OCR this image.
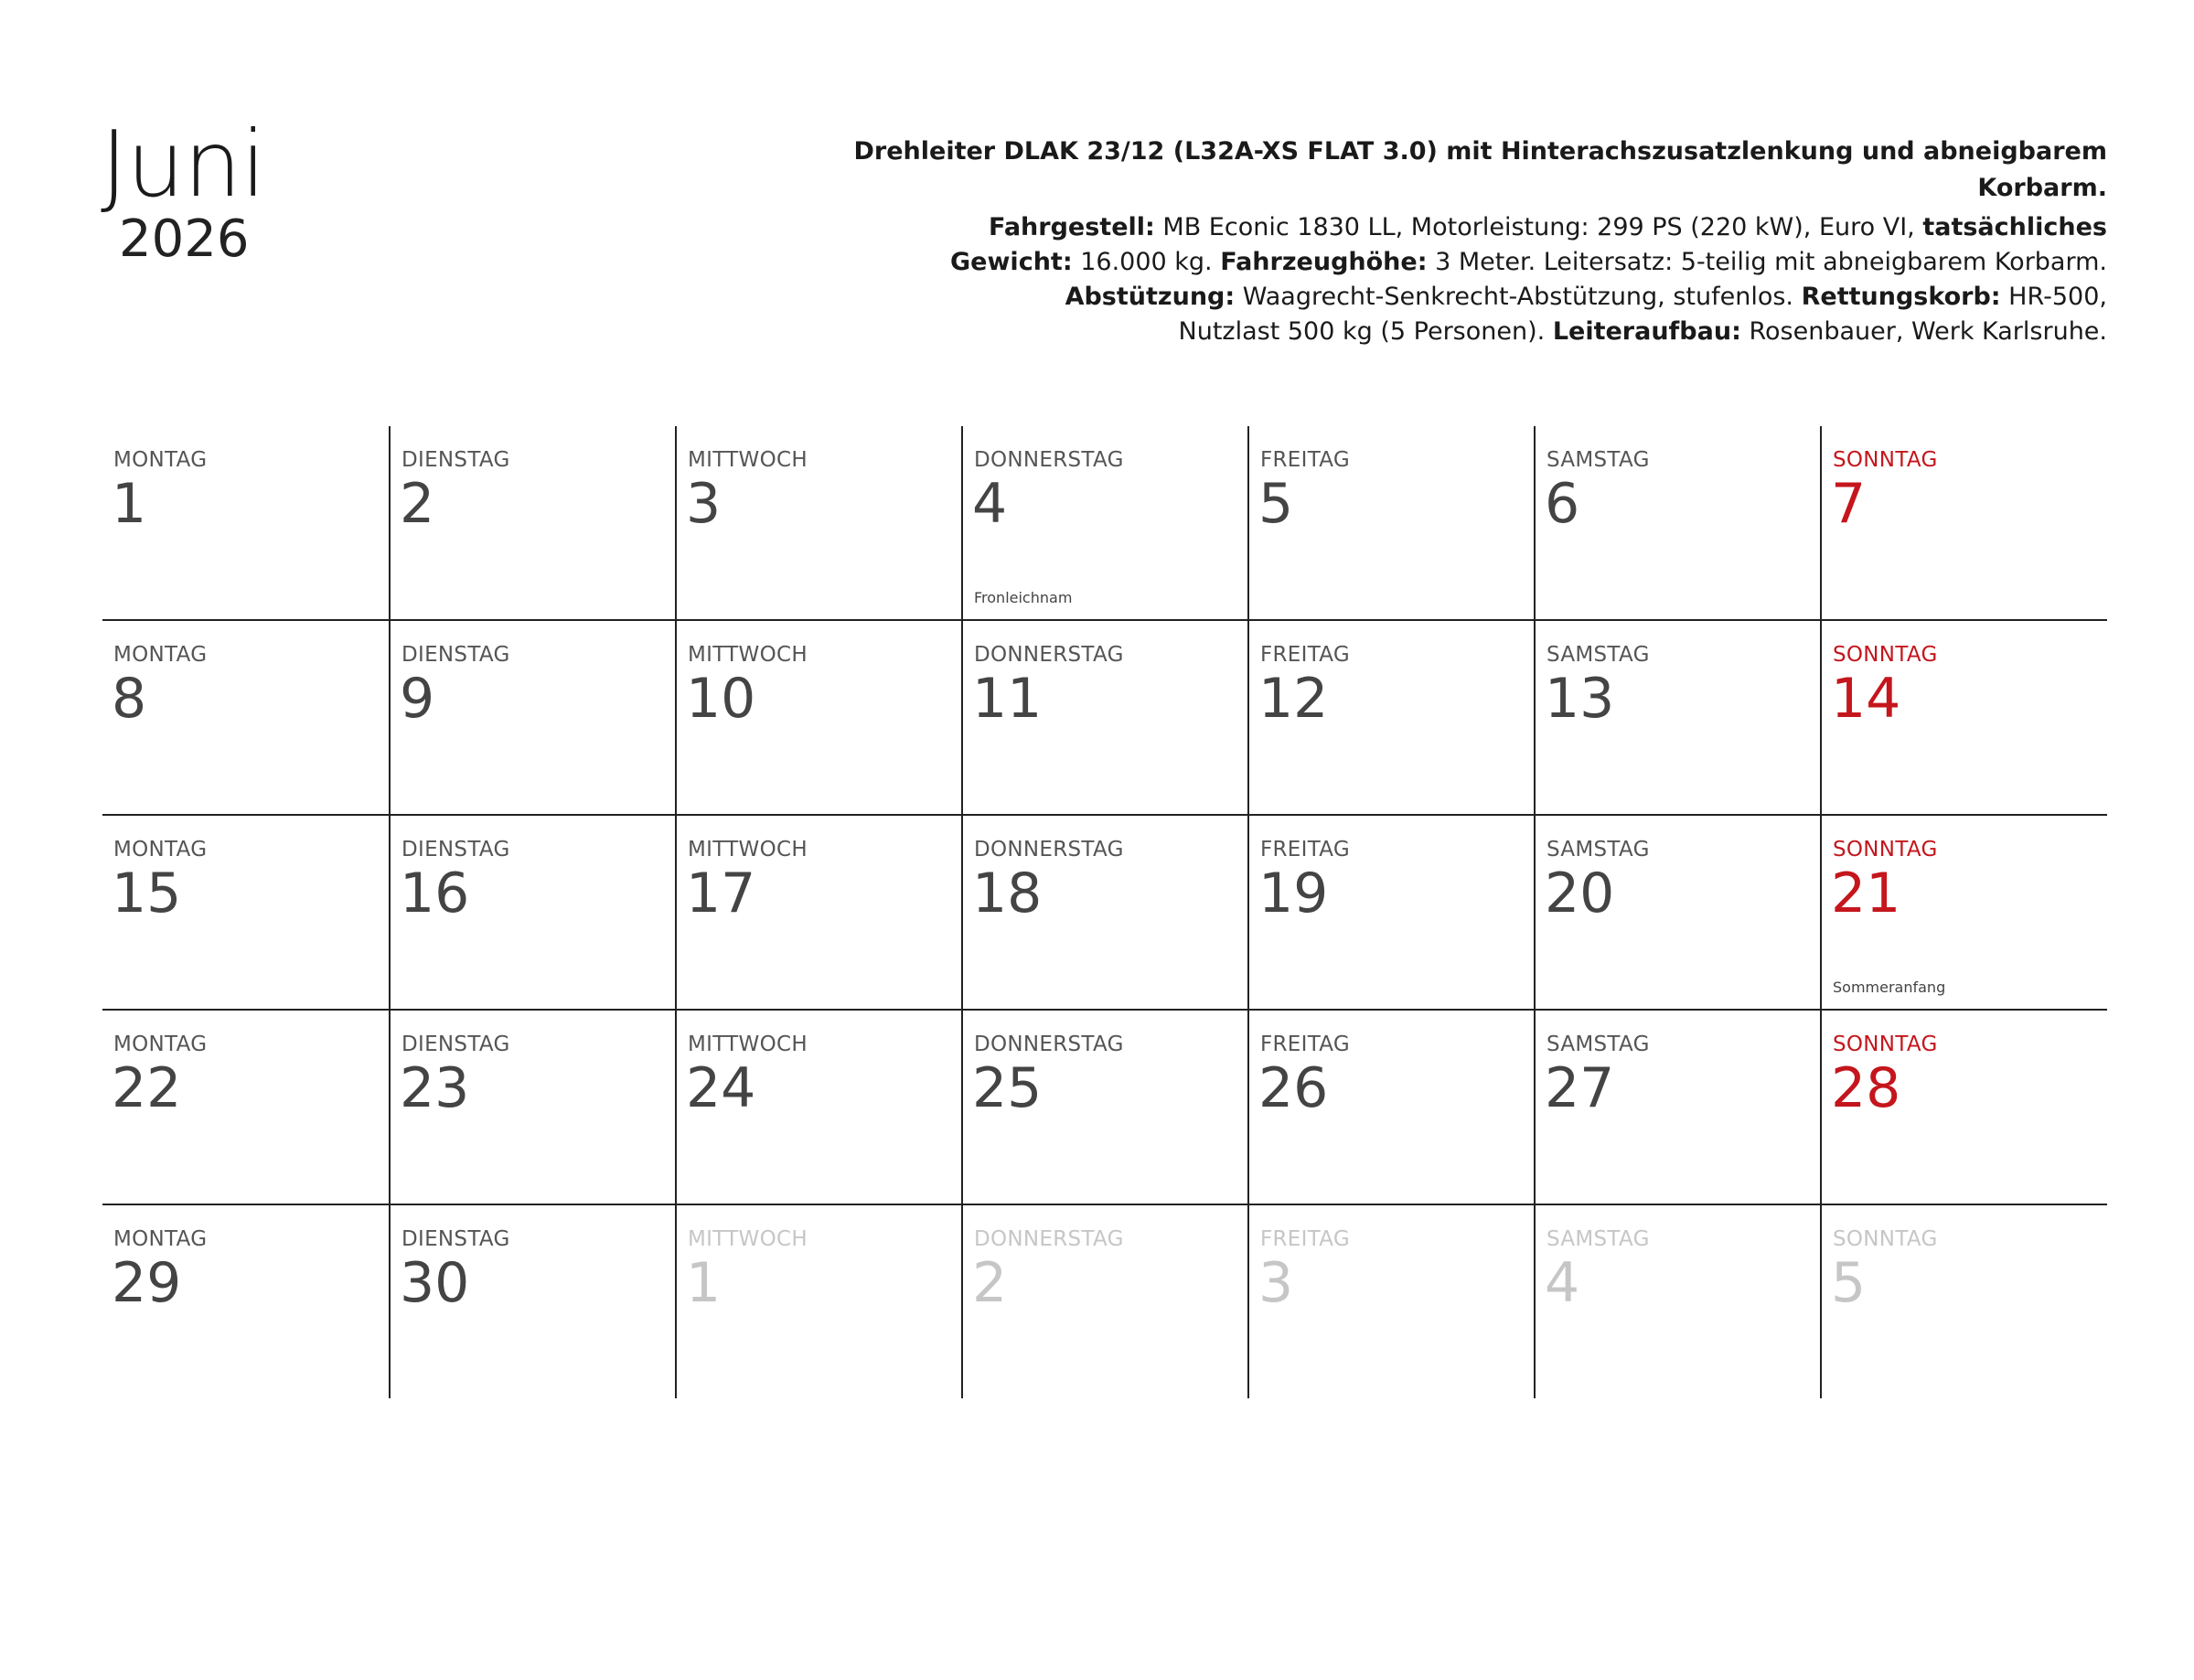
Juni
2026
Drehleiter DLAK 23/12 (L32A-XS FLAT 3.0) mit Hinterachszusatzlenkung und abneigbarem Korbarm.
Fahrgestell: MB Econic 1830 LL, Motorleistung: 299 PS (220 kW), Euro VI, tatsächliches
Gewicht: 16.000 kg. Fahrzeughöhe: 3 Meter. Leitersatz: 5-teilig mit abneigbarem Korbarm.
Abstützung: Waagrecht-Senkrecht-Abstützung, stufenlos. Rettungskorb: HR-500,
Nutzlast 500 kg (5 Personen). Leiteraufbau: Rosenbauer, Werk Karlsruhe.
MONTAG
1
DIENSTAG
2
MITTWOCH
3
DONNERSTAG
4
Fronleichnam
FREITAG
5
SAMSTAG
6
SONNTAG
7
MONTAG
8
DIENSTAG
9
MITTWOCH
10
DONNERSTAG
11
FREITAG
12
SAMSTAG
13
SONNTAG
14
MONTAG
15
DIENSTAG
16
MITTWOCH
17
DONNERSTAG
18
FREITAG
19
SAMSTAG
20
SONNTAG
21
Sommeranfang
MONTAG
22
DIENSTAG
23
MITTWOCH
24
DONNERSTAG
25
FREITAG
26
SAMSTAG
27
SONNTAG
28
MONTAG
29
DIENSTAG
30
MITTWOCH
1
DONNERSTAG
2
FREITAG
3
SAMSTAG
4
SONNTAG
5
